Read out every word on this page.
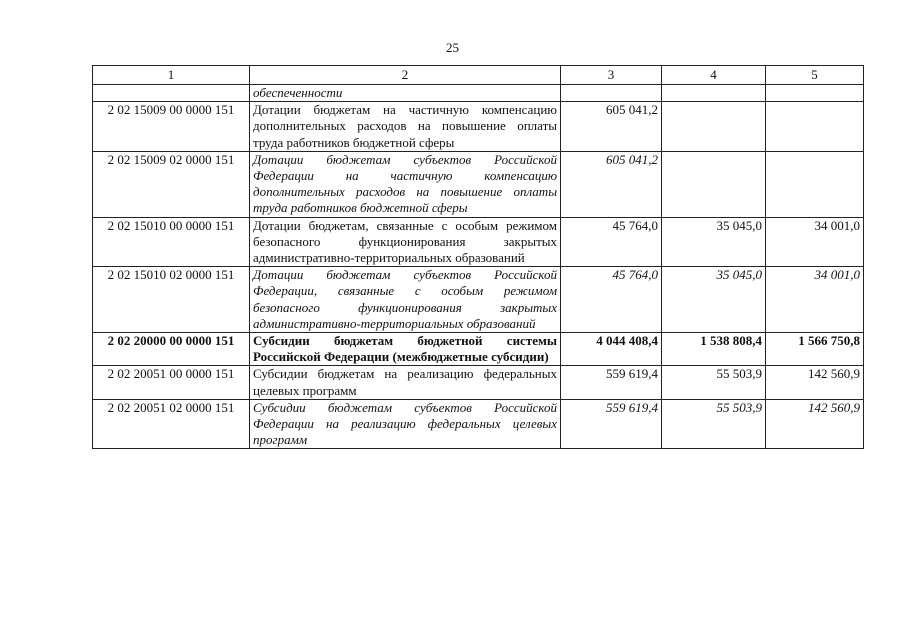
25
1	2	3	4	5
	обеспеченности			
2 02 15009 00 0000 151	Дотации бюджетам на частичную компенсацию дополнительных расходов на повышение оплаты труда работников бюджетной сферы	605 041,2		
2 02 15009 02 0000 151	Дотации бюджетам субъектов Российской Федерации на частичную компенсацию дополнительных расходов на повышение оплаты труда работников бюджетной сферы	605 041,2		
2 02 15010 00 0000 151	Дотации бюджетам, связанные с особым режимом безопасного функционирования закрытых административно-территориальных образований	45 764,0	35 045,0	34 001,0
2 02 15010 02 0000 151	Дотации бюджетам субъектов Российской Федерации, связанные с особым режимом безопасного функционирования закрытых административно-территориальных образований	45 764,0	35 045,0	34 001,0
2 02 20000 00 0000 151	Субсидии бюджетам бюджетной системы Российской Федерации (межбюджетные субсидии)	4 044 408,4	1 538 808,4	1 566 750,8
2 02 20051 00 0000 151	Субсидии бюджетам на реализацию федеральных целевых программ	559 619,4	55 503,9	142 560,9
2 02 20051 02 0000 151	Субсидии бюджетам субъектов Российской Федерации на реализацию федеральных целевых программ	559 619,4	55 503,9	142 560,9
